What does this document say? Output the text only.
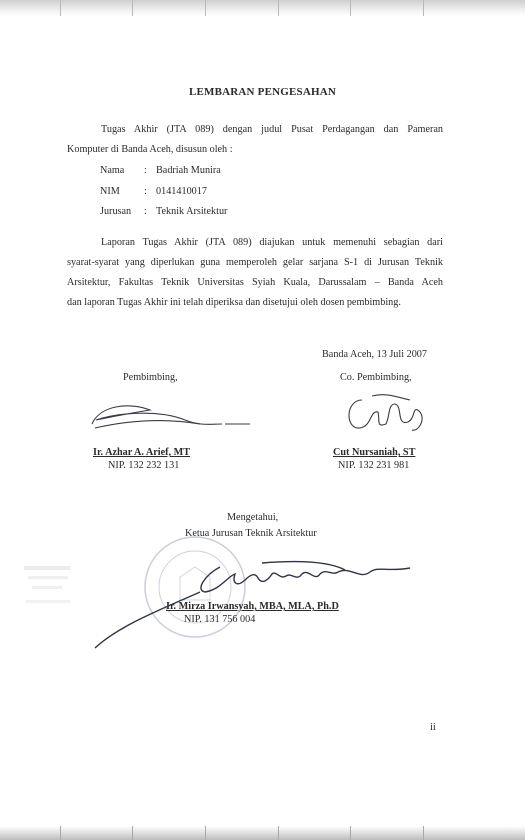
LEMBARAN PENGESAHAN
Tugas Akhir (JTA 089) dengan judul Pusat Perdagangan dan Pameran
Komputer di Banda Aceh, disusun oleh :
Nama	: Badriah Munira
NIM	: 0141410017
Jurusan	: Teknik Arsitektur
Laporan Tugas Akhir (JTA 089) diajukan untuk memenuhi sebagian dari
syarat-syarat yang diperlukan guna memperoleh gelar sarjana S-1 di Jurusan Teknik
Arsitektur, Fakultas Teknik Universitas Syiah Kuala, Darussalam – Banda Aceh
dan laporan Tugas Akhir ini telah diperiksa dan disetujui oleh dosen pembimbing.
Banda Aceh, 13 Juli 2007
Pembimbing,	Co. Pembimbing,
Ir. Azhar A. Arief, MT
NIP. 132 232 131
Cut Nursaniah, ST
NIP. 132 231 981
Mengetahui,
Ketua Jurusan Teknik Arsitektur
Ir. Mirza Irwansyah, MBA, MLA, Ph.D
NIP. 131 756 004
ii
